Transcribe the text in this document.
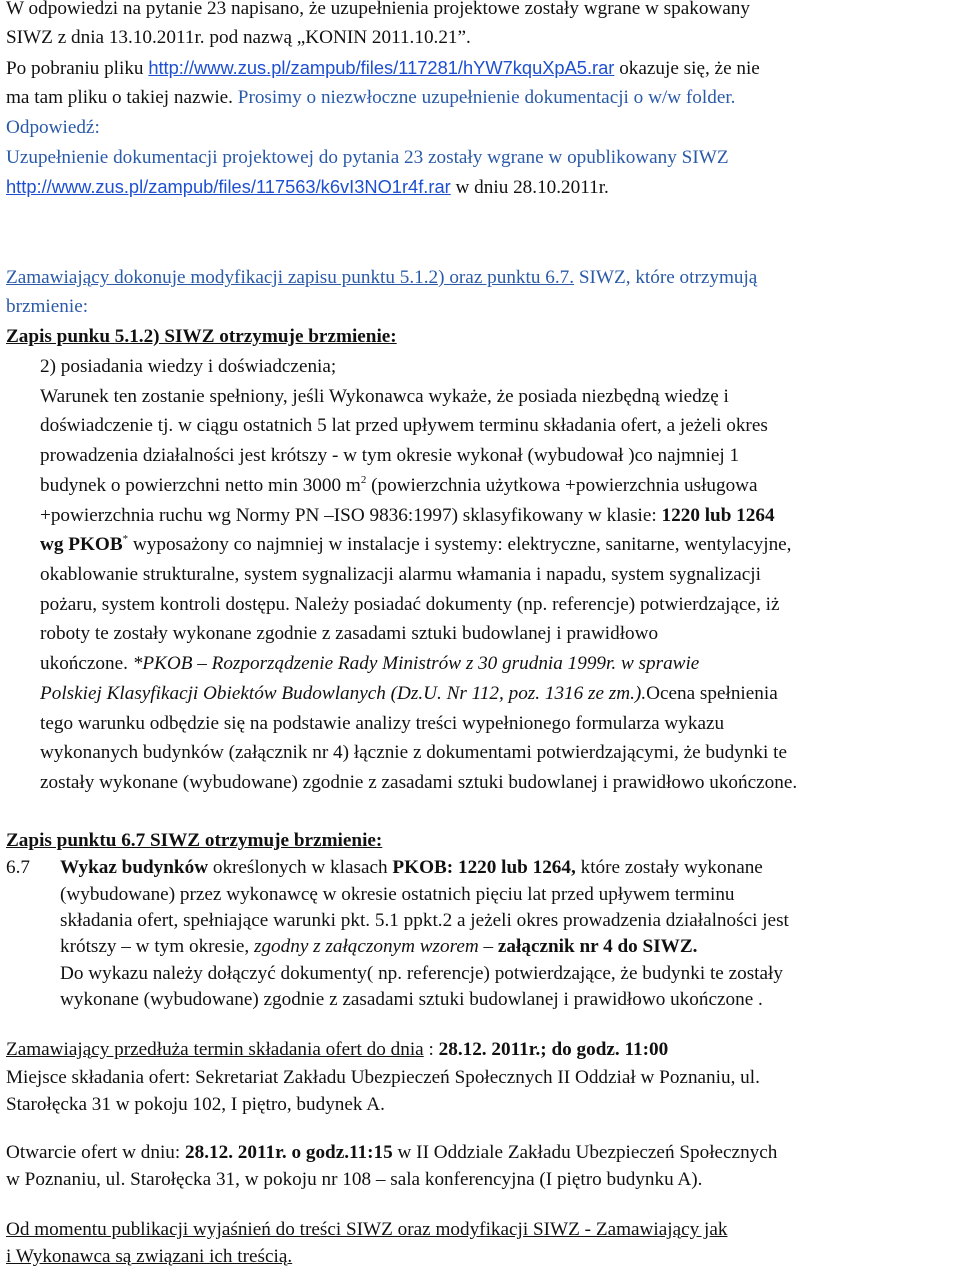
W odpowiedzi na pytanie 23 napisano, że uzupełnienia projektowe zostały wgrane w spakowany
SIWZ z dnia 13.10.2011r. pod nazwą „KONIN 2011.10.21”.
Po pobraniu pliku http://www.zus.pl/zampub/files/117281/hYW7kquXpA5.rar okazuje się, że nie
ma tam pliku o takiej nazwie. Prosimy o niezwłoczne uzupełnienie dokumentacji o w/w folder.
Odpowiedź:
Uzupełnienie dokumentacji projektowej do pytania 23 zostały wgrane w opublikowany SIWZ
http://www.zus.pl/zampub/files/117563/k6vI3NO1r4f.rar w dniu 28.10.2011r.
Zamawiający dokonuje modyfikacji zapisu punktu 5.1.2) oraz punktu 6.7. SIWZ, które otrzymują
brzmienie:
Zapis punku 5.1.2) SIWZ otrzymuje brzmienie:
2) posiadania wiedzy i doświadczenia;
Warunek ten zostanie spełniony, jeśli Wykonawca wykaże, że posiada niezbędną wiedzę i
doświadczenie tj. w ciągu ostatnich 5 lat przed upływem terminu składania ofert, a jeżeli okres
prowadzenia działalności jest krótszy - w tym okresie wykonał (wybudował )co najmniej 1
budynek o powierzchni netto min 3000 $m^2$ (powierzchnia użytkowa +powierzchnia usługowa
+powierzchnia ruchu wg Normy PN –ISO 9836:1997) sklasyfikowany w klasie: 1220 lub 1264
wg PKOB* wyposażony co najmniej w instalacje i systemy: elektryczne, sanitarne, wentylacyjne,
okablowanie strukturalne, system sygnalizacji alarmu włamania i napadu, system sygnalizacji
pożaru, system kontroli dostępu. Należy posiadać dokumenty (np. referencje) potwierdzające, iż
roboty te zostały wykonane zgodnie z zasadami sztuki budowlanej i prawidłowo
ukończone. *PKOB – Rozporządzenie Rady Ministrów z 30 grudnia 1999r. w sprawie
Polskiej Klasyfikacji Obiektów Budowlanych (Dz.U. Nr 112, poz. 1316 ze zm.).Ocena spełnienia
tego warunku odbędzie się na podstawie analizy treści wypełnionego formularza wykazu
wykonanych budynków (załącznik nr 4) łącznie z dokumentami potwierdzającymi, że budynki te
zostały wykonane (wybudowane) zgodnie z zasadami sztuki budowlanej i prawidłowo ukończone.
Zapis punktu 6.7 SIWZ otrzymuje brzmienie:
6.7 Wykaz budynków określonych w klasach PKOB: 1220 lub 1264, które zostały wykonane
(wybudowane) przez wykonawcę w okresie ostatnich pięciu lat przed upływem terminu
składania ofert, spełniające warunki pkt. 5.1 ppkt.2 a jeżeli okres prowadzenia działalności jest
krótszy – w tym okresie, zgodny z załączonym wzorem – załącznik nr 4 do SIWZ.
Do wykazu należy dołączyć dokumenty( np. referencje) potwierdzające, że budynki te zostały
wykonane (wybudowane) zgodnie z zasadami sztuki budowlanej i prawidłowo ukończone .
Zamawiający przedłuża termin składania ofert do dnia : 28.12. 2011r.; do godz. 11:00
Miejsce składania ofert: Sekretariat Zakładu Ubezpieczeń Społecznych II Oddział w Poznaniu, ul.
Starołęcka 31 w pokoju 102, I piętro, budynek A.
Otwarcie ofert w dniu: 28.12. 2011r. o godz.11:15 w II Oddziale Zakładu Ubezpieczeń Społecznych
w Poznaniu, ul. Starołęcka 31, w pokoju nr 108 – sala konferencyjna (I piętro budynku A).
Od momentu publikacji wyjaśnień do treści SIWZ oraz modyfikacji SIWZ - Zamawiający jak
i Wykonawca są związani ich treścią.
